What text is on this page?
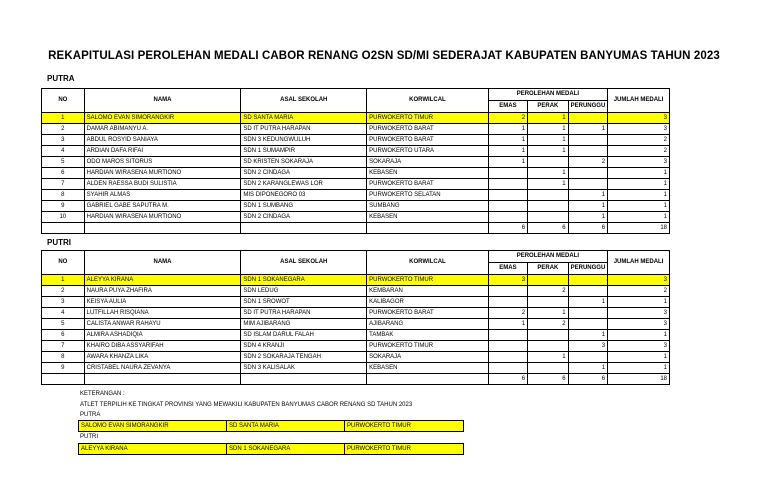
REKAPITULASI PEROLEHAN MEDALI CABOR RENANG O2SN SD/MI SEDERAJAT KABUPATEN BANYUMAS TAHUN 2023
PUTRA
NO	NAMA	ASAL SEKOLAH	KORWILCAL	PEROLEHAN MEDALI			JUMLAH MEDALI
				EMAS	PERAK	PERUNGGU	
1	SALOMO EVAN SIMORANGKIR	SD SANTA MARIA	PURWOKERTO TIMUR	2	1		3
2	DAMAR ABIMANYU A.	SD IT PUTRA HARAPAN	PURWOKERTO BARAT	1	1	1	3
3	ABDUL ROSYID SANIAYA	SDN 3 KEDUNGWULUH	PURWOKERTO BARAT	1	1		2
4	ARDIAN DAFA RIFAI	SDN 1 SUMAMPIR	PURWOKERTO UTARA	1	1		2
5	ODO MAROS SITORUS	SD KRISTEN SOKARAJA	SOKARAJA	1		2	3
6	HARDIAN WIRASENA MURTIONO	SDN 2 CINDAGA	KEBASEN		1		1
7	ALDEN RAESSA BUDI SULISTIA	SDN 2 KARANGLEWAS LOR	PURWOKERTO BARAT		1		1
8	SYAHIR ALMAS	MIS DIPONEGORO 03	PURWOKERTO SELATAN			1	1
9	GABRIEL GABE SAPUTRA M.	SDN 1 SUMBANG	SUMBANG			1	1
10	HARDIAN WIRASENA MURTIONO	SDN 2 CINDAGA	KEBASEN			1	1
				6	6	6	18
PUTRI
NO	NAMA	ASAL SEKOLAH	KORWILCAL	PEROLEHAN MEDALI			JUMLAH MEDALI
				EMAS	PERAK	PERUNGGU	
1	ALEYYA KIRANA	SDN 1 SOKANEGARA	PURWOKERTO TIMUR	3			3
2	NAURA PUYA ZHAFIRA	SDN LEDUG	KEMBARAN		2		2
3	KEISYA AULIA	SDN 1 SROWOT	KALIBAGOR			1	1
4	LUTFILLAH RISQIANA	SD IT PUTRA HARAPAN	PURWOKERTO BARAT	2	1		3
5	CALISTA ANWAR RAHAYU	MIM AJIBARANG	AJIBARANG	1	2		3
6	ALMIRA ASHADIQIA	SD ISLAM DARUL FALAH	TAMBAK			1	1
7	KHAIRO DIBA ASSYARIFAH	SDN 4 KRANJI	PURWOKERTO TIMUR			3	3
8	AWARA KHANZA LIKA	SDN 2 SOKARAJA TENGAH	SOKARAJA		1		1
9	CRISTABEL NAURA ZEVANYA	SDN 3 KALISALAK	KEBASEN			1	1
				6	6	6	18
KETERANGAN :
ATLET TERPILIH KE TINGKAT PROVINSI YANG MEWAKILI KABUPATEN BANYUMAS CABOR RENANG SD TAHUN 2023
PUTRA
SALOMO EVAN SIMORANGKIR	SD SANTA MARIA	PURWOKERTO TIMUR
PUTRI
ALEYYA KIRANA	SDN 1 SOKANEGARA	PURWOKERTO TIMUR
